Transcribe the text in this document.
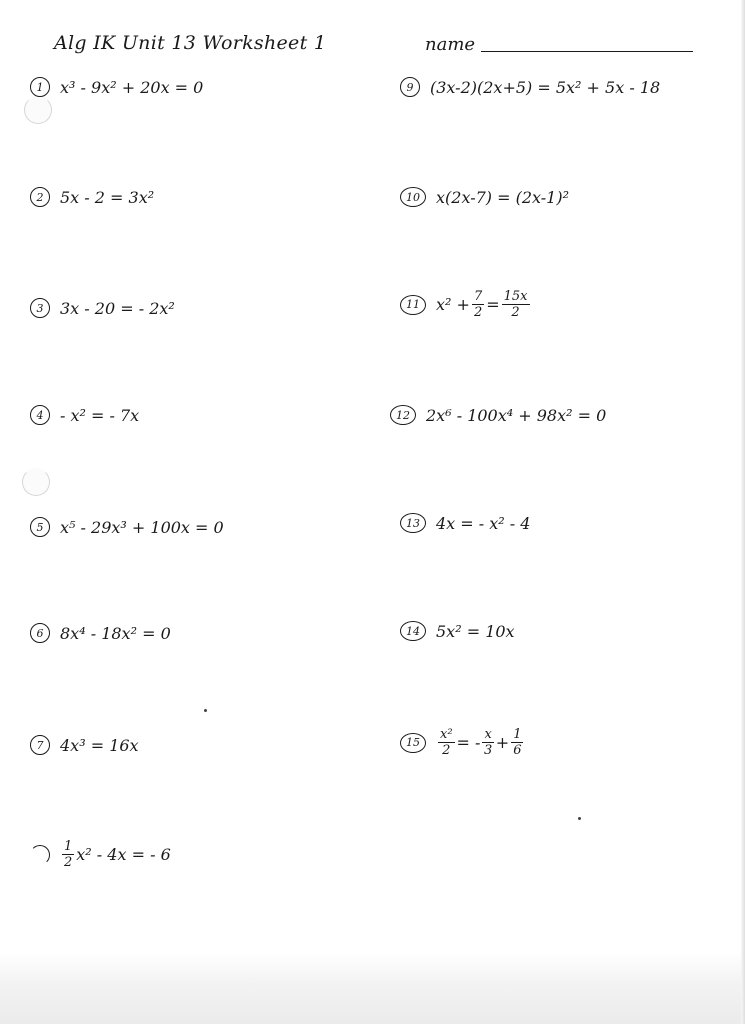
Alg IK Unit 13 Worksheet 1	name
1	x³ - 9x² + 20x = 0
2	5x - 2 = 3x²
3	3x - 20 = - 2x²
4	- x² = - 7x
5	x⁵ - 29x³ + 100x = 0
6	8x⁴ - 18x² = 0
7	4x³ = 16x
$\frac{1}{2} x^2 - 4x$ = - 6
9	(3x-2)(2x+5) = 5x² + 5x - 18
10	x(2x-7) = (2x-1)²
11	$x^2 + \frac{7}{2} = \frac{15x}{2}$
12	2x⁶ - 100x⁴ + 98x² = 0
13	4x = - x² - 4
14	5x² = 10x
15	$\frac{\text{x²}}{2}$ = - $\frac{x}{3} + \frac{1}{6}$
